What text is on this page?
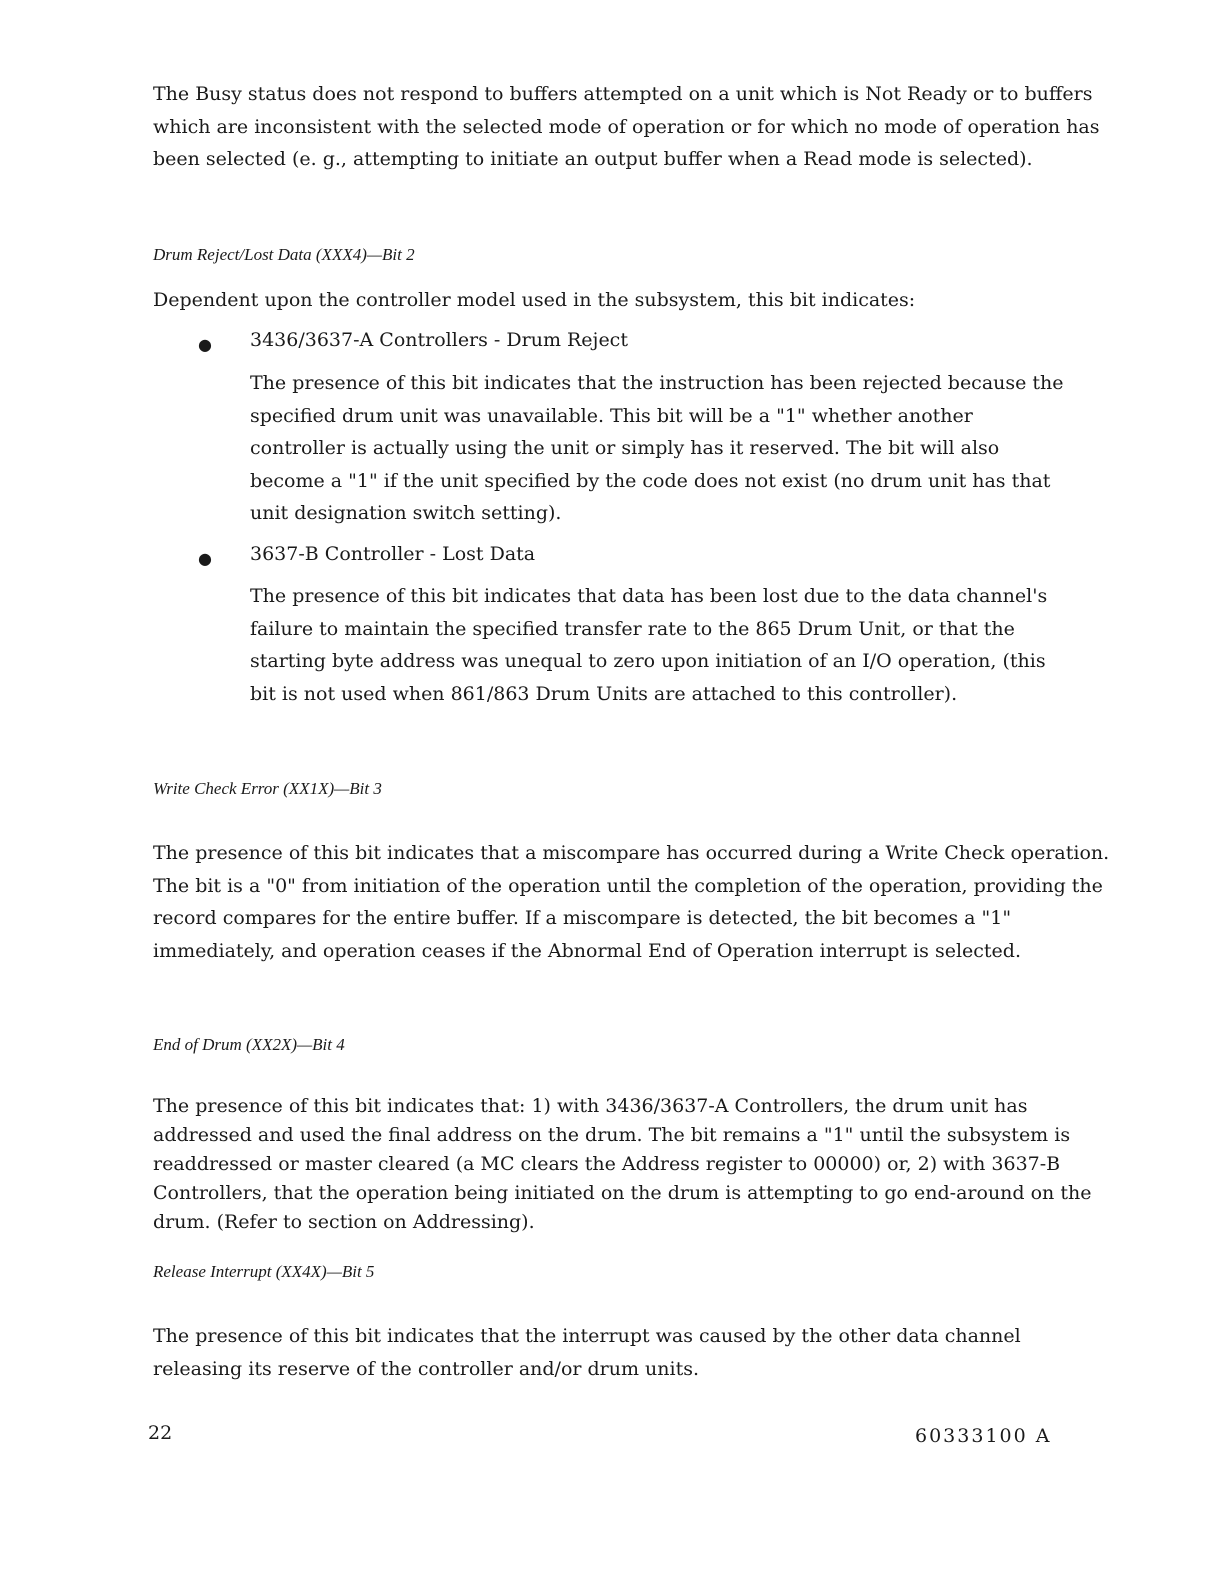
The Busy status does not respond to buffers attempted on a unit which is Not Ready or to buffers which are inconsistent with the selected mode of operation or for which no mode of operation has been selected (e. g., attempting to initiate an output buffer when a Read mode is selected).

Drum Reject/Lost Data (XXX4)—Bit 2

Dependent upon the controller model used in the subsystem, this bit indicates:

● 3436/3637-A Controllers - Drum Reject

The presence of this bit indicates that the instruction has been rejected because the specified drum unit was unavailable. This bit will be a "1" whether another controller is actually using the unit or simply has it reserved. The bit will also become a "1" if the unit specified by the code does not exist (no drum unit has that unit designation switch setting).

● 3637-B Controller - Lost Data

The presence of this bit indicates that data has been lost due to the data channel's failure to maintain the specified transfer rate to the 865 Drum Unit, or that the starting byte address was unequal to zero upon initiation of an I/O operation, (this bit is not used when 861/863 Drum Units are attached to this controller).

Write Check Error (XX1X)—Bit 3

The presence of this bit indicates that a miscompare has occurred during a Write Check operation. The bit is a "0" from initiation of the operation until the completion of the operation, providing the record compares for the entire buffer. If a miscompare is detected, the bit becomes a "1" immediately, and operation ceases if the Abnormal End of Operation interrupt is selected.

End of Drum (XX2X)—Bit 4

The presence of this bit indicates that: 1) with 3436/3637-A Controllers, the drum unit has addressed and used the final address on the drum. The bit remains a "1" until the subsystem is readdressed or master cleared (a MC clears the Address register to 00000) or, 2) with 3637-B Controllers, that the operation being initiated on the drum is attempting to go end-around on the drum. (Refer to section on Addressing).

Release Interrupt (XX4X)—Bit 5

The presence of this bit indicates that the interrupt was caused by the other data channel releasing its reserve of the controller and/or drum units.

22	60333100 A
